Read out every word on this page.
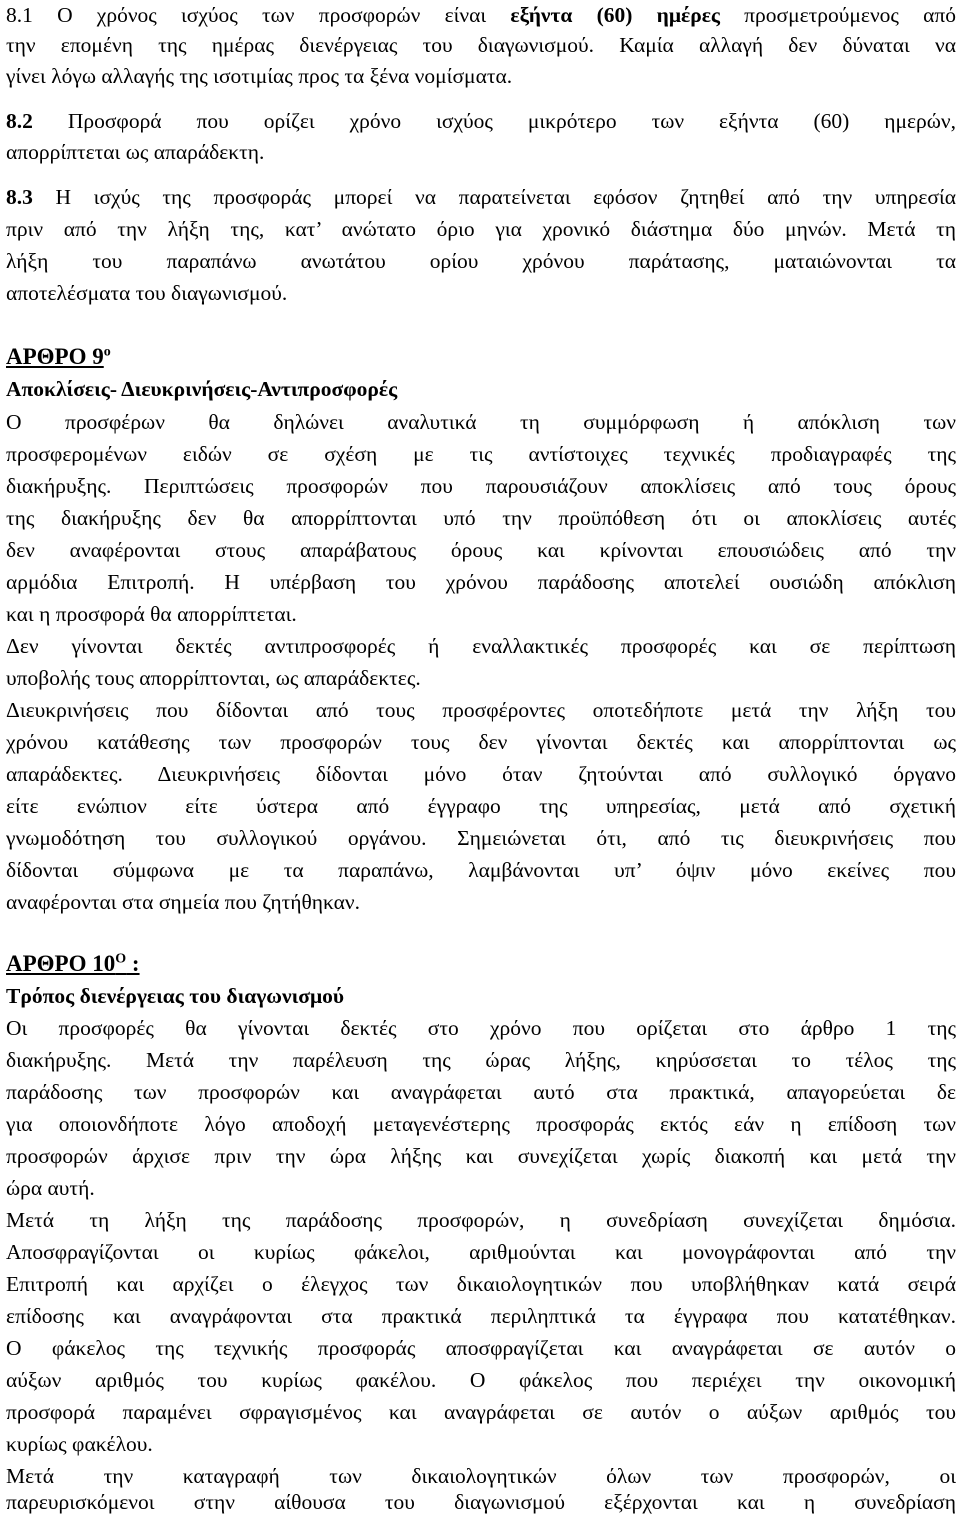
8.1 Ο χρόνος ισχύος των προσφορών είναι εξήντα (60) ημέρες προσμετρούμενος από
την επομένη της ημέρας διενέργειας του διαγωνισμού. Καμία αλλαγή δεν δύναται να
γίνει λόγω αλλαγής της ισοτιμίας προς τα ξένα νομίσματα.
8.2 Προσφορά που ορίζει χρόνο ισχύος μικρότερο των εξήντα (60) ημερών,
απορρίπτεται ως απαράδεκτη.
8.3 Η ισχύς της προσφοράς μπορεί να παρατείνεται εφόσον ζητηθεί από την υπηρεσία
πριν από την λήξη της, κατ’ ανώτατο όριο για χρονικό διάστημα δύο μηνών. Μετά τη
λήξη του παραπάνω ανωτάτου ορίου χρόνου παράτασης, ματαιώνονται τα
αποτελέσματα του διαγωνισμού.
ΑΡΘΡΟ $9^o$
Αποκλίσεις- Διευκρινήσεις-Αντιπροσφορές
Ο προσφέρων θα δηλώνει αναλυτικά τη συμμόρφωση ή απόκλιση των
προσφερομένων ειδών σε σχέση με τις αντίστοιχες τεχνικές προδιαγραφές της
διακήρυξης. Περιπτώσεις προσφορών που παρουσιάζουν αποκλίσεις από τους όρους
της διακήρυξης δεν θα απορρίπτονται υπό την προϋπόθεση ότι οι αποκλίσεις αυτές
δεν αναφέρονται στους απαράβατους όρους και κρίνονται επουσιώδεις από την
αρμόδια Επιτροπή. Η υπέρβαση του χρόνου παράδοσης αποτελεί ουσιώδη απόκλιση
και η προσφορά θα απορρίπτεται.
Δεν γίνονται δεκτές αντιπροσφορές ή εναλλακτικές προσφορές και σε περίπτωση
υποβολής τους απορρίπτονται, ως απαράδεκτες.
Διευκρινήσεις που δίδονται από τους προσφέροντες οποτεδήποτε μετά την λήξη του
χρόνου κατάθεσης των προσφορών τους δεν γίνονται δεκτές και απορρίπτονται ως
απαράδεκτες. Διευκρινήσεις δίδονται μόνο όταν ζητούνται από συλλογικό όργανο
είτε ενώπιον είτε ύστερα από έγγραφο της υπηρεσίας, μετά από σχετική
γνωμοδότηση του συλλογικού οργάνου. Σημειώνεται ότι, από τις διευκρινήσεις που
δίδονται σύμφωνα με τα παραπάνω, λαμβάνονται υπ’ όψιν μόνο εκείνες που
αναφέρονται στα σημεία που ζητήθηκαν.
ΑΡΘΡΟ $10^O$ :
Τρόπος διενέργειας του διαγωνισμού
Οι προσφορές θα γίνονται δεκτές στο χρόνο που ορίζεται στο άρθρο 1 της
διακήρυξης. Μετά την παρέλευση της ώρας λήξης, κηρύσσεται το τέλος της
παράδοσης των προσφορών και αναγράφεται αυτό στα πρακτικά, απαγορεύεται δε
για οποιονδήποτε λόγο αποδοχή μεταγενέστερης προσφοράς εκτός εάν η επίδοση των
προσφορών άρχισε πριν την ώρα λήξης και συνεχίζεται χωρίς διακοπή και μετά την
ώρα αυτή.
Μετά τη λήξη της παράδοσης προσφορών, η συνεδρίαση συνεχίζεται δημόσια.
Αποσφραγίζονται οι κυρίως φάκελοι, αριθμούνται και μονογράφονται από την
Επιτροπή και αρχίζει ο έλεγχος των δικαιολογητικών που υποβλήθηκαν κατά σειρά
επίδοσης και αναγράφονται στα πρακτικά περιληπτικά τα έγγραφα που κατατέθηκαν.
Ο φάκελος της τεχνικής προσφοράς αποσφραγίζεται και αναγράφεται σε αυτόν ο
αύξων αριθμός του κυρίως φακέλου. Ο φάκελος που περιέχει την οικονομική
προσφορά παραμένει σφραγισμένος και αναγράφεται σε αυτόν ο αύξων αριθμός του
κυρίως φακέλου.
Μετά την καταγραφή των δικαιολογητικών όλων των προσφορών, οι
παρευρισκόμενοι στην αίθουσα του διαγωνισμού εξέρχονται και η συνεδρίαση
